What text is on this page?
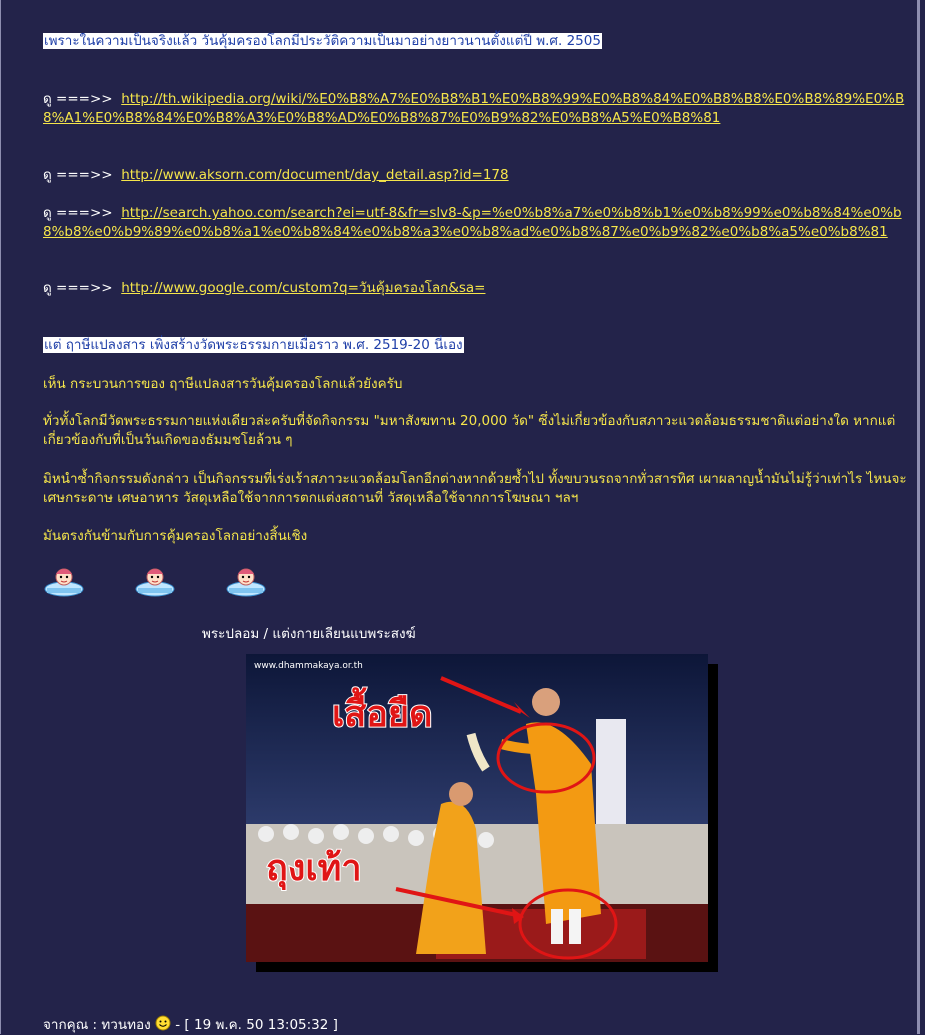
เพราะในความเป็นจริงแล้ว วันคุ้มครองโลกมีประวัติความเป็นมาอย่างยาวนานตั้งแต่ปี พ.ศ. 2505
ดู ===>> http://th.wikipedia.org/wiki/%E0%B8%A7%E0%B8%B1%E0%B8%99%E0%B8%84%E0%B8%B8%E0%B8%89%E0%B8%A1%E0%B8%84%E0%B8%A3%E0%B8%AD%E0%B8%87%E0%B9%82%E0%B8%A5%E0%B8%81
ดู ===>> http://www.aksorn.com/document/day_detail.asp?id=178
ดู ===>> http://search.yahoo.com/search?ei=utf-8&fr=slv8-&p=%e0%b8%a7%e0%b8%b1%e0%b8%99%e0%b8%84%e0%b8%b8%e0%b9%89%e0%b8%a1%e0%b8%84%e0%b8%a3%e0%b8%ad%e0%b8%87%e0%b9%82%e0%b8%a5%e0%b8%81
ดู ===>> http://www.google.com/custom?q=วันคุ้มครองโลก&sa=
แต่ ฤาษีแปลงสาร เพิ่งสร้างวัดพระธรรมกายเมื่อราว พ.ศ. 2519-20 นี่เอง
เห็น กระบวนการของ ฤาษีแปลงสารวันคุ้มครองโลกแล้วยังครับ
ทั่วทั้งโลกมีวัดพระธรรมกายแห่งเดียวล่ะครับที่จัดกิจกรรม "มหาสังฆทาน 20,000 วัด" ซึ่งไม่เกี่ยวข้องกับสภาวะแวดล้อมธรรมชาติแต่อย่างใด หากแต่เกี่ยวข้องกับที่เป็นวันเกิดของธัมมชโยล้วน ๆ
มิหนำซ้ำกิจกรรมดังกล่าว เป็นกิจกรรมที่เร่งเร้าสภาวะแวดล้อมโลกอีกต่างหากด้วยซ้ำไป ทั้งขบวนรถจากทั่วสารทิศ เผาผลาญน้ำมันไม่รู้ว่าเท่าไร ไหนจะเศษกระดาษ เศษอาหาร วัสดุเหลือใช้จากการตกแต่งสถานที่ วัสดุเหลือใช้จากการโฆษณา ฯลฯ
มันตรงกันข้ามกับการคุ้มครองโลกอย่างสิ้นเชิง
พระปลอม / แต่งกายเลียนแบพระสงฆ์
www.dhammakaya.or.th
เสื้อยืด
ถุงเท้า
จากคุณ : ทวนทอง - [ 19 พ.ค. 50 13:05:32 ]
